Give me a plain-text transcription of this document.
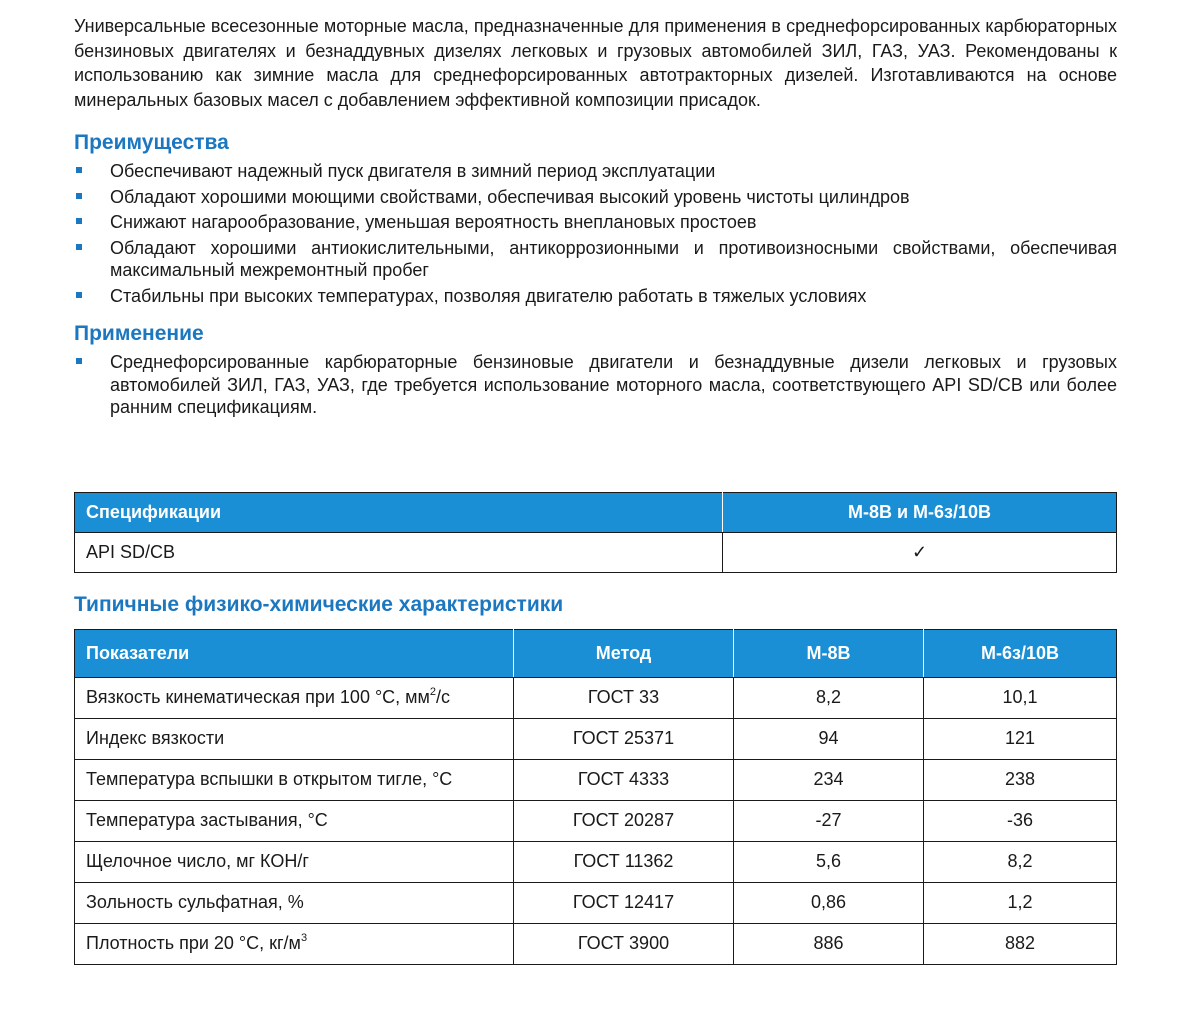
Универсальные всесезонные моторные масла, предназначенные для применения в среднефорсированных карбюраторных бензиновых двигателях и безнаддувных дизелях легковых и грузовых автомобилей ЗИЛ, ГАЗ, УАЗ. Рекомендованы к использованию как зимние масла для среднефорсированных автотракторных дизелей. Изготавливаются на основе минеральных базовых масел с добавлением эффективной композиции присадок.

Преимущества
Обеспечивают надежный пуск двигателя в зимний период эксплуатации
Обладают хорошими моющими свойствами, обеспечивая высокий уровень чистоты цилиндров
Снижают нагарообразование, уменьшая вероятность внеплановых простоев
Обладают хорошими антиокислительными, антикоррозионными и противоизносными свойствами, обеспечивая максимальный межремонтный пробег
Стабильны при высоких температурах, позволяя двигателю работать в тяжелых условиях
Применение
Среднефорсированные карбюраторные бензиновые двигатели и безнаддувные дизели легковых и грузовых автомобилей ЗИЛ, ГАЗ, УАЗ, где требуется использование моторного масла, соответствующего API SD/CB или более ранним спецификациям.
Спецификации	М-8В и М-6з/10В
API SD/CB	✓
Типичные физико-химические характеристики
Показатели	Метод	М-8В	М-6з/10В
Вязкость кинематическая при 100 °С, $мм^2/с$	ГОСТ 33	8,2	10,1
Индекс вязкости	ГОСТ 25371	94	121
Температура вспышки в открытом тигле, °С	ГОСТ 4333	234	238
Температура застывания, °С	ГОСТ 20287	-27	-36
Щелочное число, мг КОН/г	ГОСТ 11362	5,6	8,2
Зольность сульфатная, %	ГОСТ 12417	0,86	1,2
Плотность при 20 °С, $кг/м^3$	ГОСТ 3900	886	882
